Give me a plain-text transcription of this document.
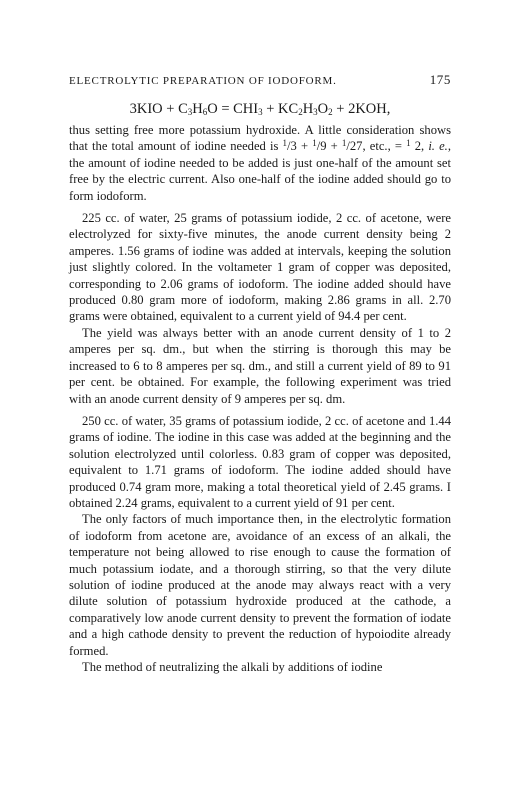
ELECTROLYTIC PREPARATION OF IODOFORM.	175
$3KIO + C_3H_6O = CHI_3 + KC_2H_3O_2 + 2KOH$,

thus setting free more potassium hydroxide. A little consideration shows that the total amount of iodine needed is $^1$/3 + $^1$/9 + $^1$/27, etc., = $^1$ 2, i. e., the amount of iodine needed to be added is just one-half of the amount set free by the electric current. Also one-half of the iodine added should go to form iodoform.

225 cc. of water, 25 grams of potassium iodide, 2 cc. of acetone, were electrolyzed for sixty-five minutes, the anode current density being 2 amperes. 1.56 grams of iodine was added at intervals, keeping the solution just slightly colored. In the voltameter 1 gram of copper was deposited, corresponding to 2.06 grams of iodoform. The iodine added should have produced 0.80 gram more of iodoform, making 2.86 grams in all. 2.70 grams were obtained, equivalent to a current yield of 94.4 per cent.

The yield was always better with an anode current density of 1 to 2 amperes per sq. dm., but when the stirring is thorough this may be increased to 6 to 8 amperes per sq. dm., and still a current yield of 89 to 91 per cent. be obtained. For example, the following experiment was tried with an anode current density of 9 amperes per sq. dm.

250 cc. of water, 35 grams of potassium iodide, 2 cc. of acetone and 1.44 grams of iodine. The iodine in this case was added at the beginning and the solution electrolyzed until colorless. 0.83 gram of copper was deposited, equivalent to 1.71 grams of iodoform. The iodine added should have produced 0.74 gram more, making a total theoretical yield of 2.45 grams. I obtained 2.24 grams, equivalent to a current yield of 91 per cent.

The only factors of much importance then, in the electrolytic formation of iodoform from acetone are, avoidance of an excess of an alkali, the temperature not being allowed to rise enough to cause the formation of much potassium iodate, and a thorough stirring, so that the very dilute solution of iodine produced at the anode may always react with a very dilute solution of potassium hydroxide produced at the cathode, a comparatively low anode current density to prevent the formation of iodate and a high cathode density to prevent the reduction of hypoiodite already formed.

The method of neutralizing the alkali by additions of iodine
